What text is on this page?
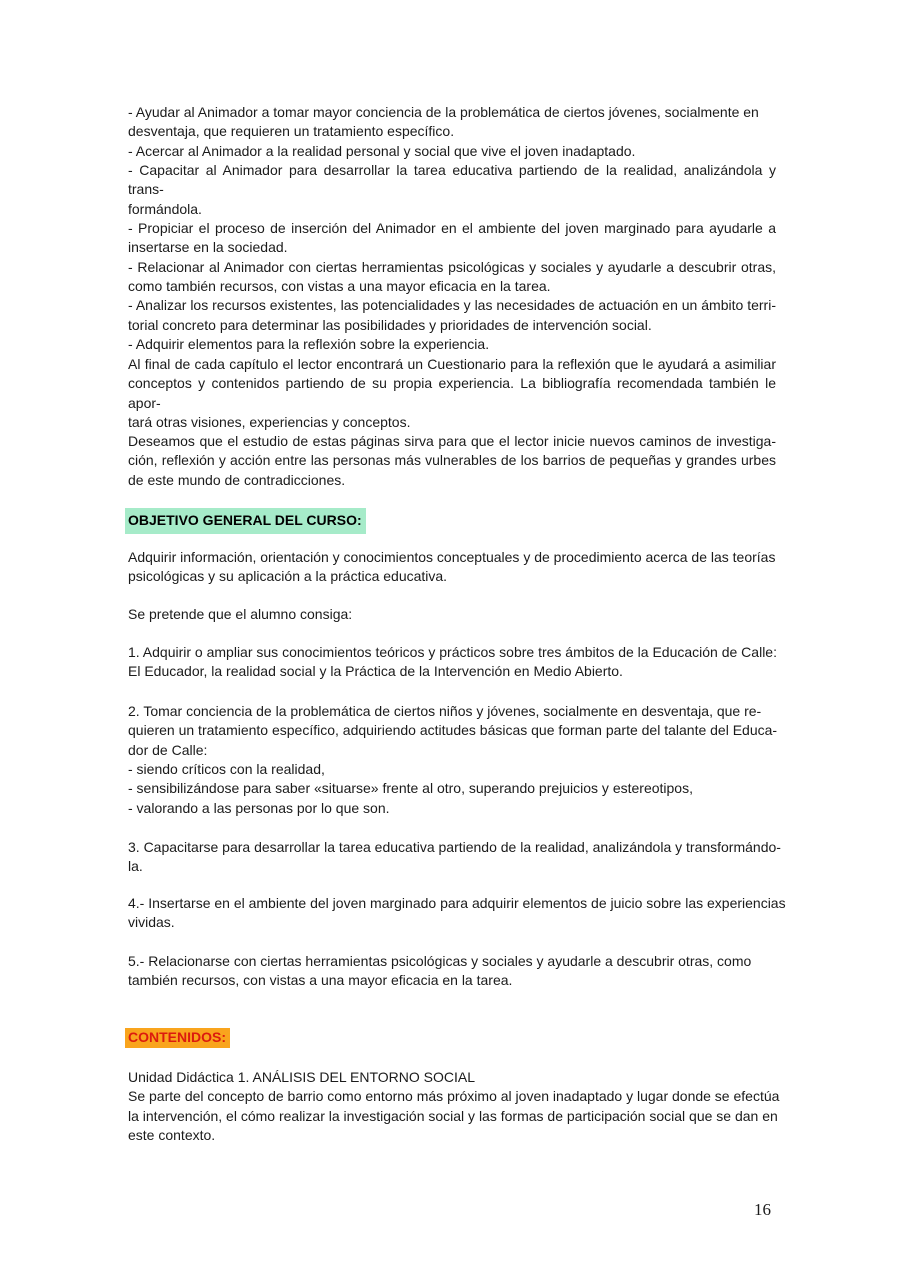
- Ayudar al Animador a tomar mayor conciencia de la problemática de ciertos jóvenes, socialmente en
desventaja, que requieren un tratamiento específico.
- Acercar al Animador a la realidad personal y social que vive el joven inadaptado.
- Capacitar al Animador para desarrollar la tarea educativa partiendo de la realidad, analizándola y trans-
formándola.
- Propiciar el proceso de inserción del Animador en el ambiente del joven marginado para ayudarle a
insertarse en la sociedad.
- Relacionar al Animador con ciertas herramientas psicológicas y sociales y ayudarle a descubrir otras,
como también recursos, con vistas a una mayor eficacia en la tarea.
- Analizar los recursos existentes, las potencialidades y las necesidades de actuación en un ámbito terri-
torial concreto para determinar las posibilidades y prioridades de intervención social.
- Adquirir elementos para la reflexión sobre la experiencia.
Al final de cada capítulo el lector encontrará un Cuestionario para la reflexión que le ayudará a asimiliar
conceptos y contenidos partiendo de su propia experiencia. La bibliografía recomendada también le apor-
tará otras visiones, experiencias y conceptos.
Deseamos que el estudio de estas páginas sirva para que el lector inicie nuevos caminos de investiga-
ción, reflexión y acción entre las personas más vulnerables de los barrios de pequeñas y grandes urbes
de este mundo de contradicciones.
OBJETIVO GENERAL DEL CURSO:
Adquirir información, orientación y conocimientos conceptuales y de procedimiento acerca de las teorías
psicológicas y su aplicación a la práctica educativa.
Se pretende que el alumno consiga:
1. Adquirir o ampliar sus conocimientos teóricos y prácticos sobre tres ámbitos de la Educación de Calle:
El Educador, la realidad social y la Práctica de la Intervención en Medio Abierto.
2. Tomar conciencia de la problemática de ciertos niños y jóvenes, socialmente en desventaja, que re-
quieren un tratamiento específico, adquiriendo actitudes básicas que forman parte del talante del Educa-
dor de Calle:
- siendo críticos con la realidad,
- sensibilizándose para saber «situarse» frente al otro, superando prejuicios y estereotipos,
- valorando a las personas por lo que son.
3. Capacitarse para desarrollar la tarea educativa partiendo de la realidad, analizándola y transformándo-
la.
4.- Insertarse en el ambiente del joven marginado para adquirir elementos de juicio sobre las experiencias
vividas.
5.- Relacionarse con ciertas herramientas psicológicas y sociales y ayudarle a descubrir otras, como
también recursos, con vistas a una mayor eficacia en la tarea.
CONTENIDOS:
Unidad Didáctica 1. ANÁLISIS DEL ENTORNO SOCIAL
Se parte del concepto de barrio como entorno más próximo al joven inadaptado y lugar donde se efectúa
la intervención, el cómo realizar la investigación social y las formas de participación social que se dan en
este contexto.
16
